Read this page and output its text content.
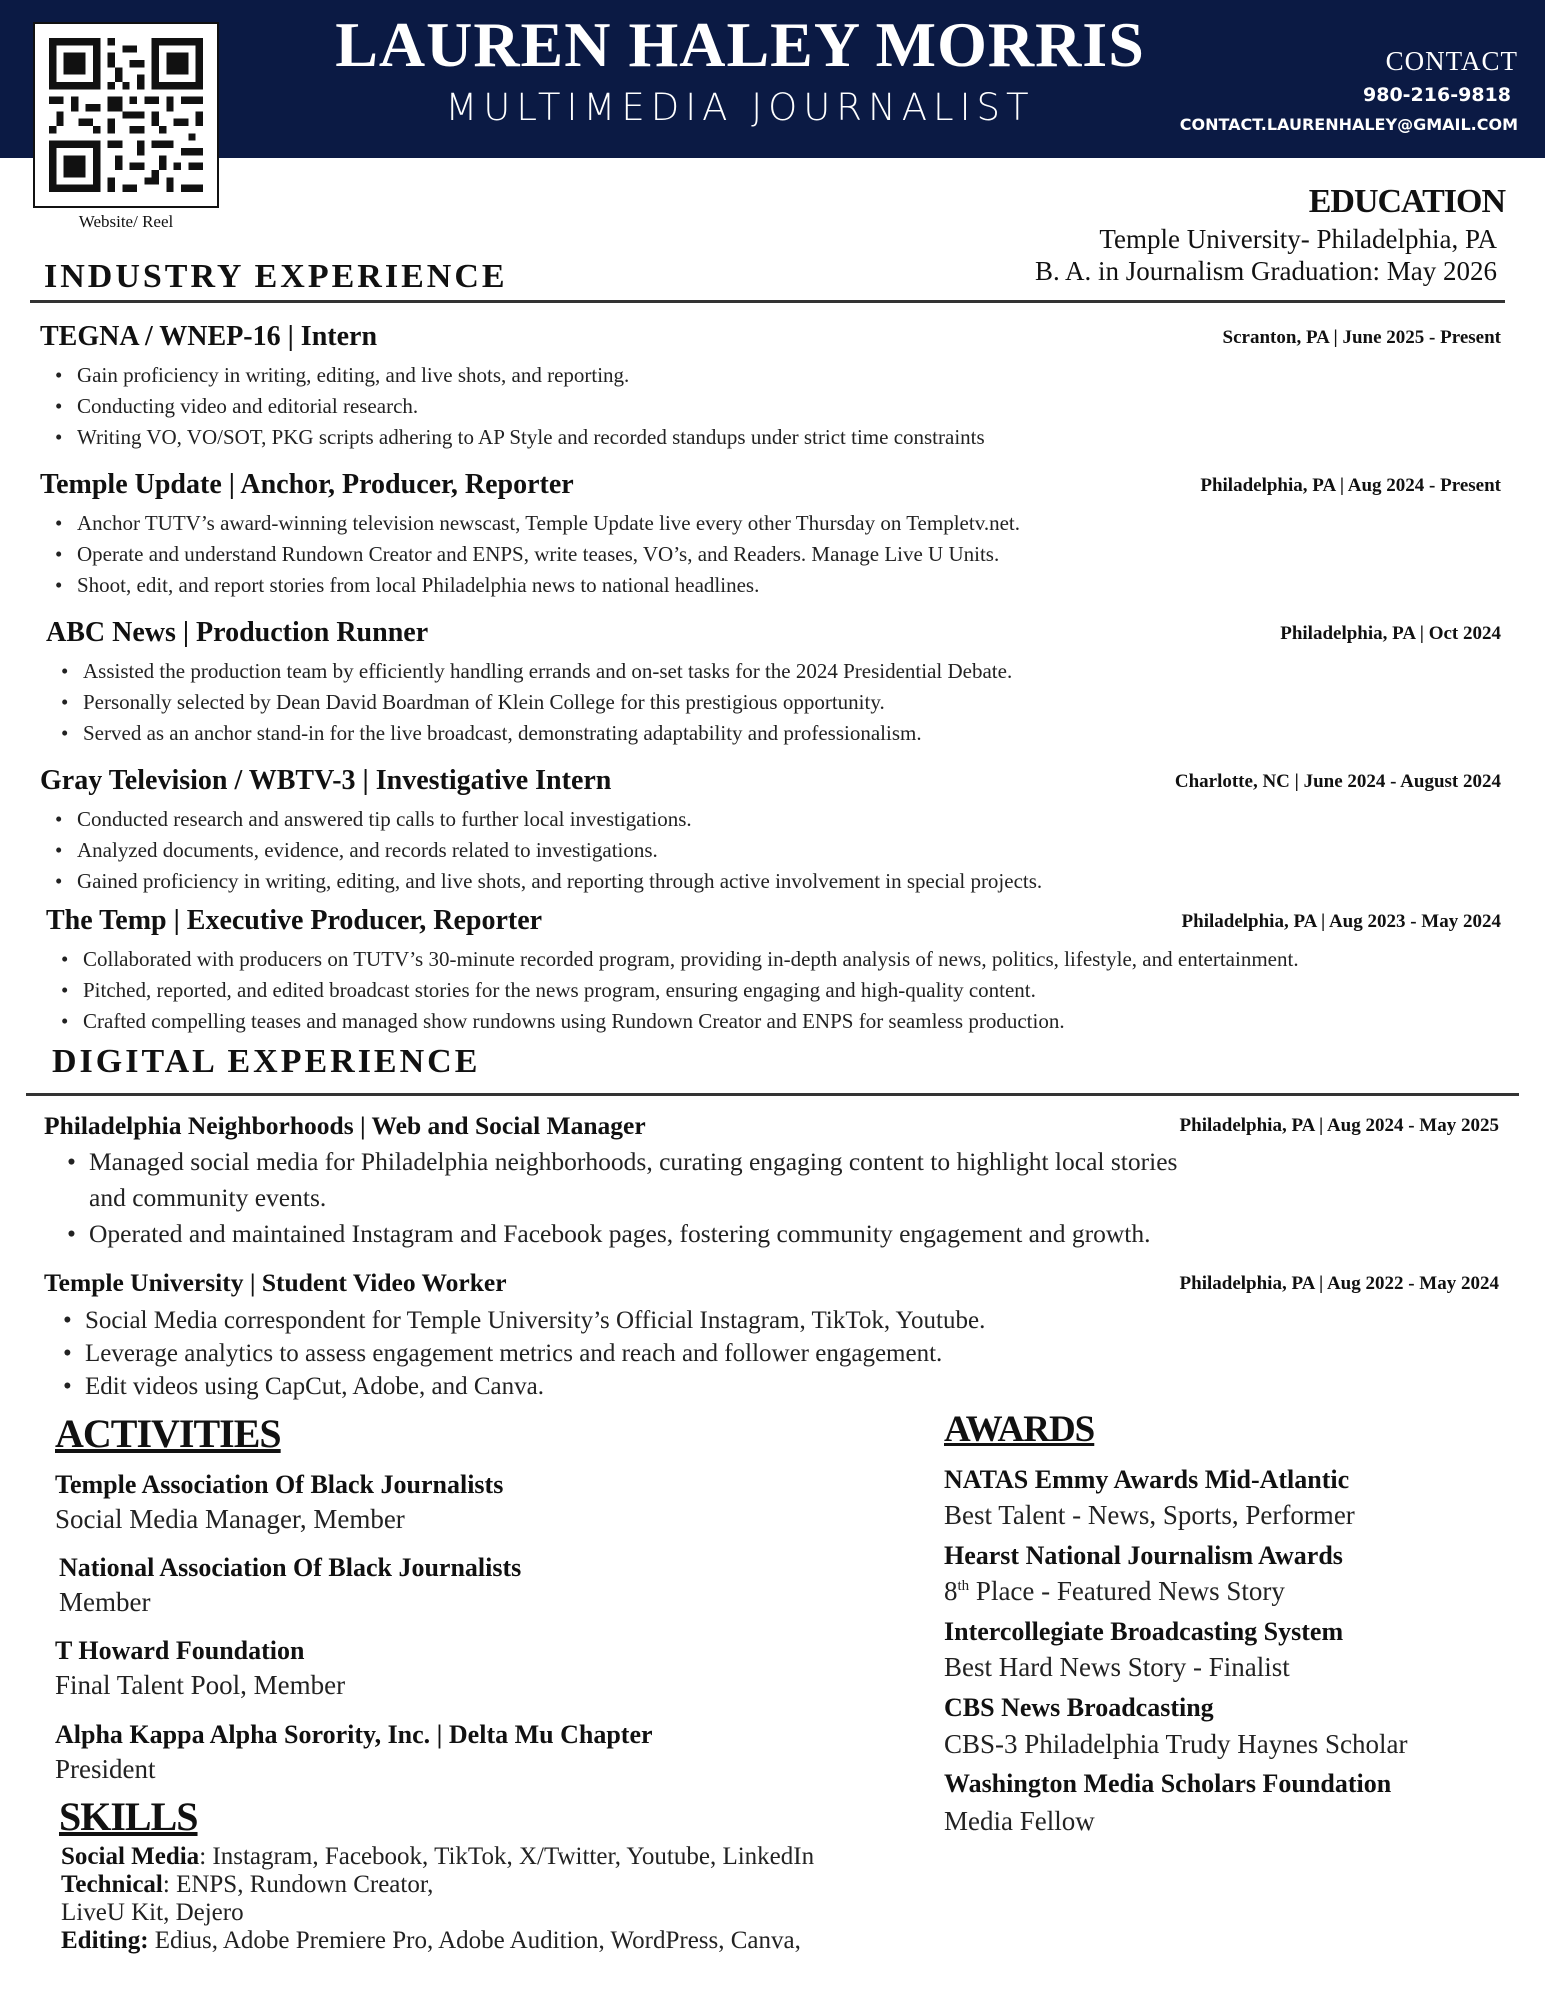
LAUREN HALEY MORRIS
MULTIMEDIA JOURNALIST
CONTACT
980-216-9818
CONTACT.LAURENHALEY@GMAIL.COM
Website/ Reel
EDUCATION
Temple University- Philadelphia, PA
B. A. in Journalism Graduation: May 2026
INDUSTRY EXPERIENCE
TEGNA / WNEP-16 | Intern	Scranton, PA | June 2025 - Present
• Gain proficiency in writing, editing, and live shots, and reporting.
• Conducting video and editorial research.
• Writing VO, VO/SOT, PKG scripts adhering to AP Style and recorded standups under strict time constraints
Temple Update | Anchor, Producer, Reporter	Philadelphia, PA | Aug 2024 - Present
• Anchor TUTV’s award-winning television newscast, Temple Update live every other Thursday on Templetv.net.
• Operate and understand Rundown Creator and ENPS, write teases, VO’s, and Readers. Manage Live U Units.
• Shoot, edit, and report stories from local Philadelphia news to national headlines.
ABC News | Production Runner	Philadelphia, PA | Oct 2024
• Assisted the production team by efficiently handling errands and on-set tasks for the 2024 Presidential Debate.
• Personally selected by Dean David Boardman of Klein College for this prestigious opportunity.
• Served as an anchor stand-in for the live broadcast, demonstrating adaptability and professionalism.
Gray Television / WBTV-3 | Investigative Intern	Charlotte, NC | June 2024 - August 2024
• Conducted research and answered tip calls to further local investigations.
• Analyzed documents, evidence, and records related to investigations.
• Gained proficiency in writing, editing, and live shots, and reporting through active involvement in special projects.
The Temp | Executive Producer, Reporter	Philadelphia, PA | Aug 2023 - May 2024
• Collaborated with producers on TUTV’s 30-minute recorded program, providing in-depth analysis of news, politics, lifestyle, and entertainment.
• Pitched, reported, and edited broadcast stories for the news program, ensuring engaging and high-quality content.
• Crafted compelling teases and managed show rundowns using Rundown Creator and ENPS for seamless production.
DIGITAL EXPERIENCE
Philadelphia Neighborhoods | Web and Social Manager	Philadelphia, PA | Aug 2024 - May 2025
• Managed social media for Philadelphia neighborhoods, curating engaging content to highlight local stories
and community events.
• Operated and maintained Instagram and Facebook pages, fostering community engagement and growth.
Temple University | Student Video Worker	Philadelphia, PA | Aug 2022 - May 2024
• Social Media correspondent for Temple University’s Official Instagram, TikTok, Youtube.
• Leverage analytics to assess engagement metrics and reach and follower engagement.
• Edit videos using CapCut, Adobe, and Canva.
ACTIVITIES
Temple Association Of Black Journalists
Social Media Manager, Member
National Association Of Black Journalists
Member
T Howard Foundation
Final Talent Pool, Member
Alpha Kappa Alpha Sorority, Inc. | Delta Mu Chapter
President
SKILLS
Social Media: Instagram, Facebook, TikTok, X/Twitter, Youtube, LinkedIn
Technical: ENPS, Rundown Creator,
LiveU Kit, Dejero
Editing: Edius, Adobe Premiere Pro, Adobe Audition, WordPress, Canva,
AWARDS
NATAS Emmy Awards Mid-Atlantic
Best Talent - News, Sports, Performer
Hearst National Journalism Awards
8th Place - Featured News Story
Intercollegiate Broadcasting System
Best Hard News Story - Finalist
CBS News Broadcasting
CBS-3 Philadelphia Trudy Haynes Scholar
Washington Media Scholars Foundation
Media Fellow
